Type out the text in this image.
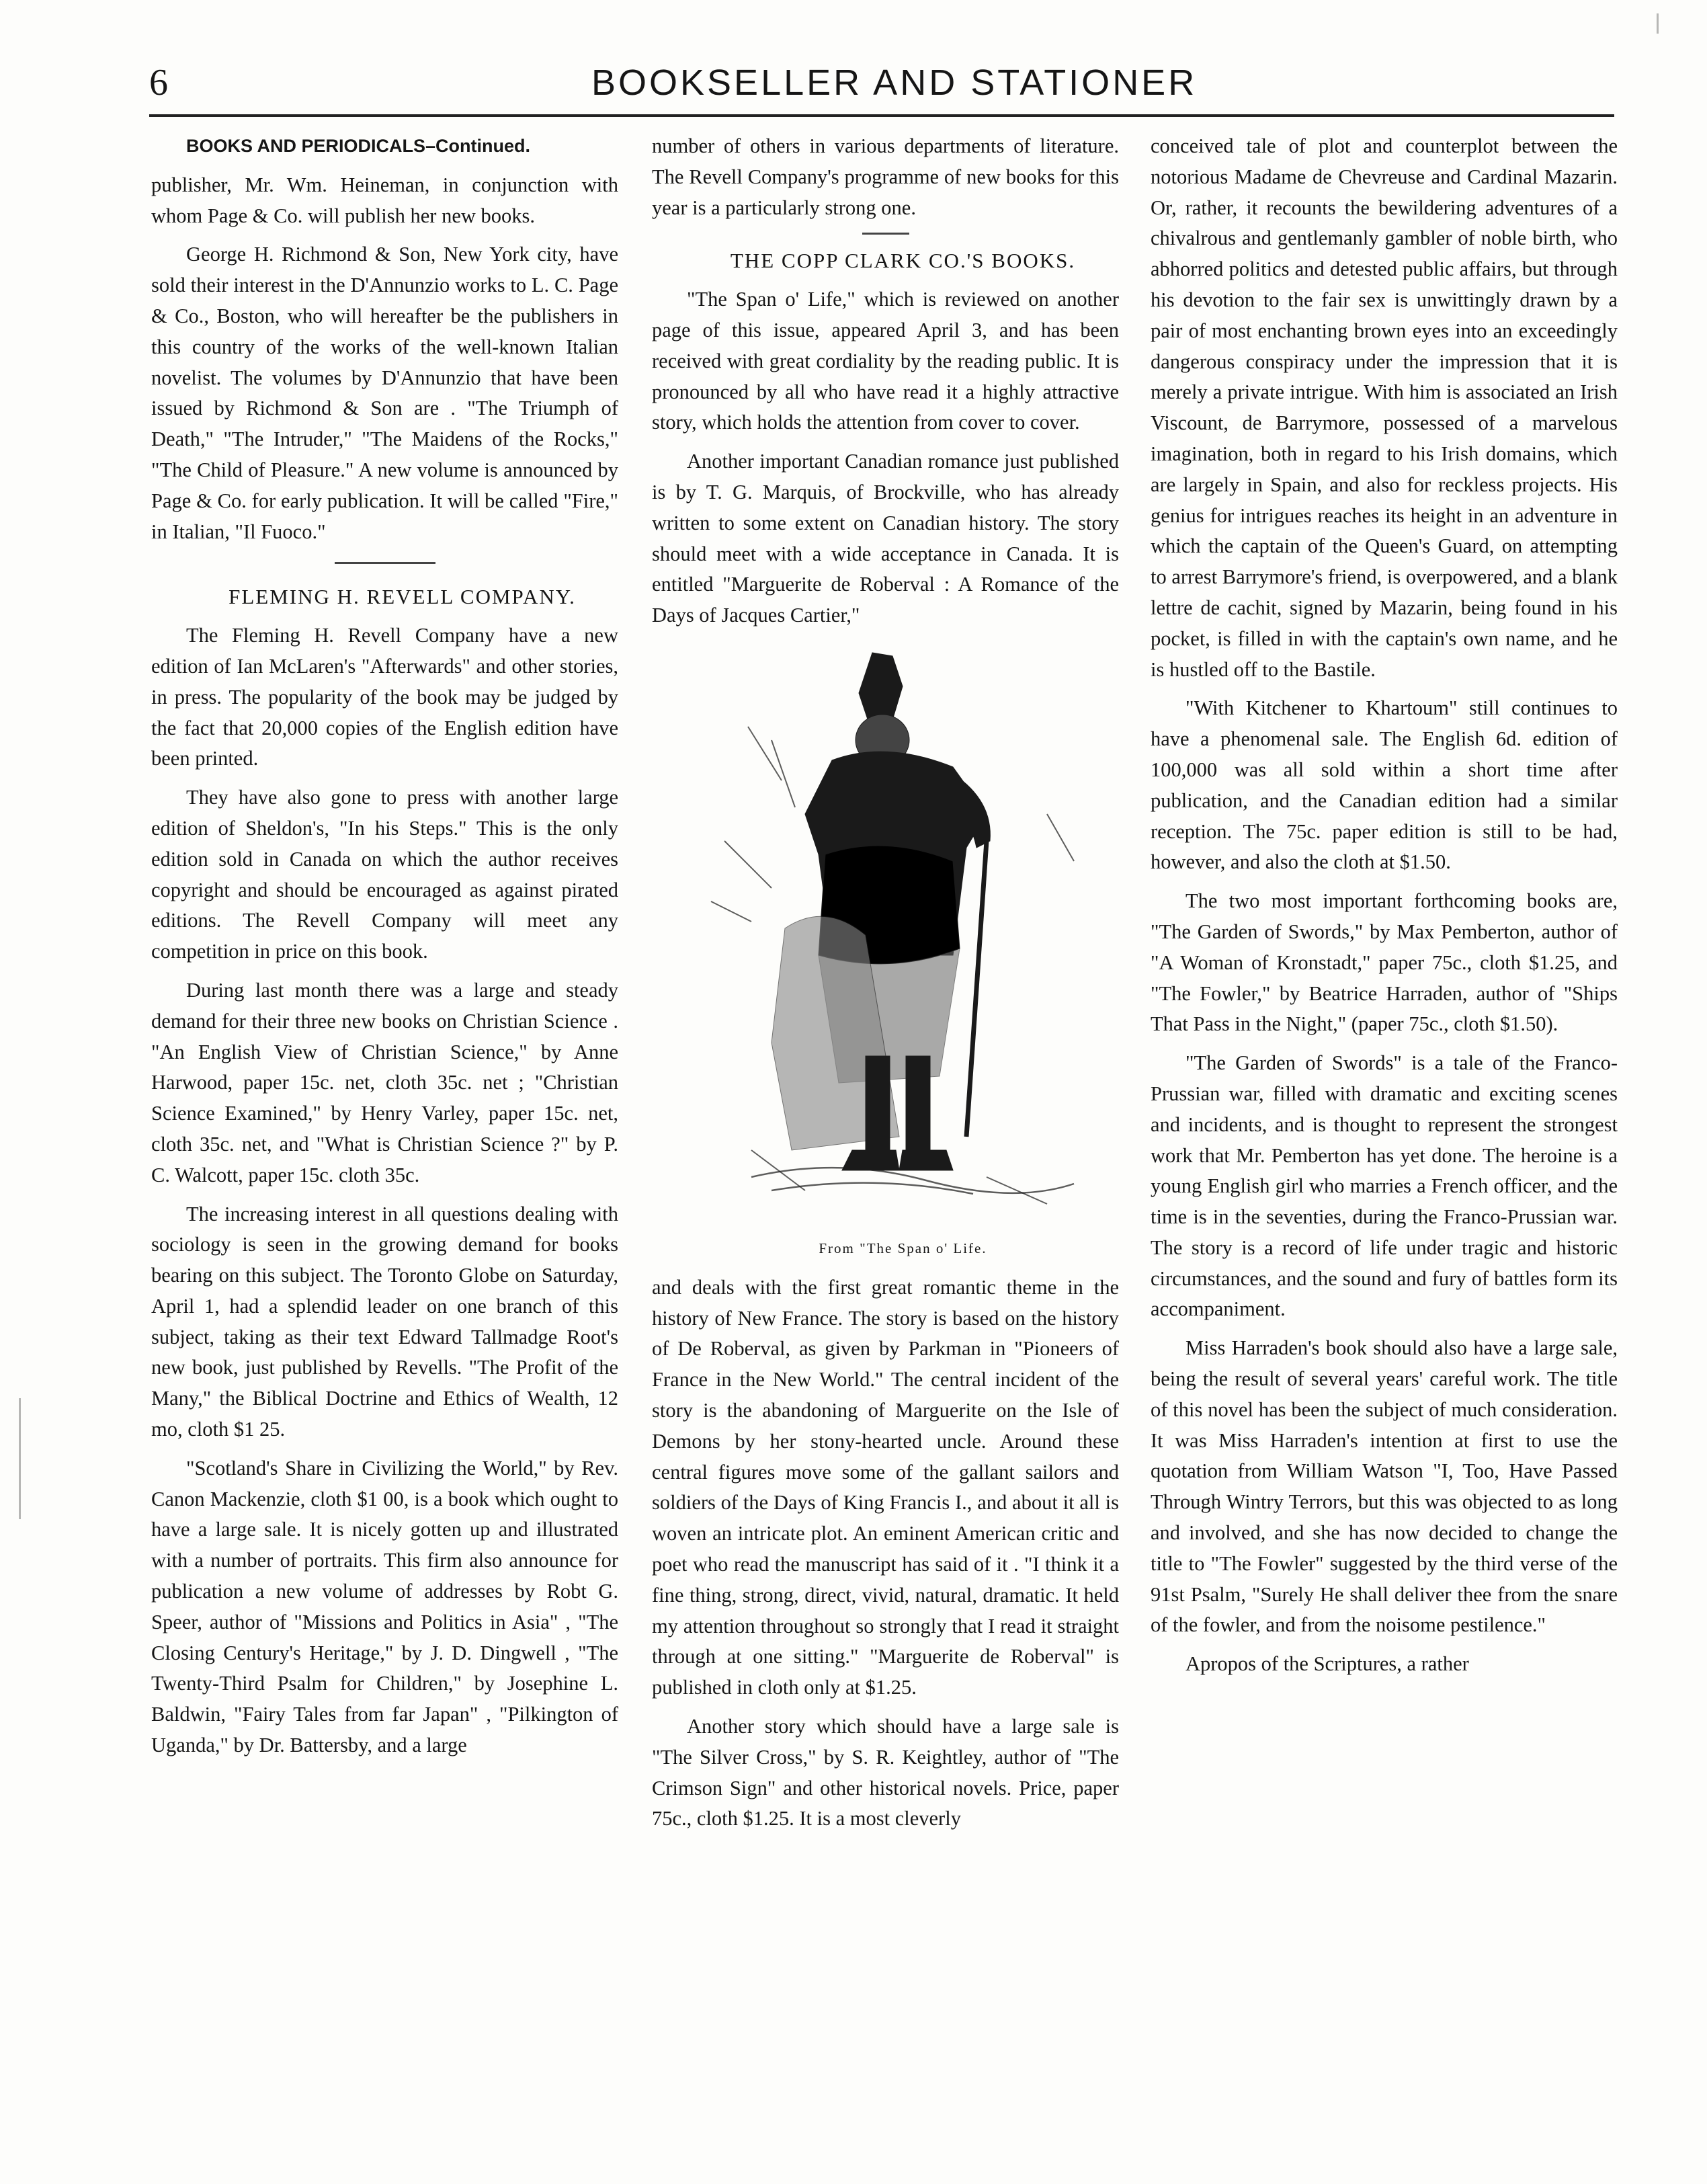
6	BOOKSELLER AND STATIONER

BOOKS AND PERIODICALS–Continued.

publisher, Mr. Wm. Heineman, in conjunction with whom Page & Co. will publish her new books.

George H. Richmond & Son, New York city, have sold their interest in the D'Annunzio works to L. C. Page & Co., Boston, who will hereafter be the publishers in this country of the works of the well-known Italian novelist. The volumes by D'Annunzio that have been issued by Richmond & Son are . "The Triumph of Death," "The Intruder," "The Maidens of the Rocks," "The Child of Pleasure." A new volume is announced by Page & Co. for early publication. It will be called "Fire," in Italian, "Il Fuoco."

FLEMING H. REVELL COMPANY.

The Fleming H. Revell Company have a new edition of Ian McLaren's "Afterwards" and other stories, in press. The popularity of the book may be judged by the fact that 20,000 copies of the English edition have been printed.

They have also gone to press with another large edition of Sheldon's, "In his Steps." This is the only edition sold in Canada on which the author receives copyright and should be encouraged as against pirated editions. The Revell Company will meet any competition in price on this book.

During last month there was a large and steady demand for their three new books on Christian Science . "An English View of Christian Science," by Anne Harwood, paper 15c. net, cloth 35c. net ; "Christian Science Examined," by Henry Varley, paper 15c. net, cloth 35c. net, and "What is Christian Science ?" by P. C. Walcott, paper 15c. cloth 35c.

The increasing interest in all questions dealing with sociology is seen in the growing demand for books bearing on this subject. The Toronto Globe on Saturday, April 1, had a splendid leader on one branch of this subject, taking as their text Edward Tallmadge Root's new book, just published by Revells. "The Profit of the Many," the Biblical Doctrine and Ethics of Wealth, 12 mo, cloth $1 25.

"Scotland's Share in Civilizing the World," by Rev. Canon Mackenzie, cloth $1 00, is a book which ought to have a large sale. It is nicely gotten up and illustrated with a number of portraits. This firm also announce for publication a new volume of addresses by Robt G. Speer, author of "Missions and Politics in Asia" , "The Closing Century's Heritage," by J. D. Dingwell , "The Twenty-Third Psalm for Children," by Josephine L. Baldwin, "Fairy Tales from far Japan" , "Pilkington of Uganda," by Dr. Battersby, and a large

number of others in various departments of literature. The Revell Company's programme of new books for this year is a particularly strong one.

THE COPP CLARK CO.'S BOOKS.

"The Span o' Life," which is reviewed on another page of this issue, appeared April 3, and has been received with great cordiality by the reading public. It is pronounced by all who have read it a highly attractive story, which holds the attention from cover to cover.

Another important Canadian romance just published is by T. G. Marquis, of Brockville, who has already written to some extent on Canadian history. The story should meet with a wide acceptance in Canada. It is entitled "Marguerite de Roberval : A Romance of the Days of Jacques Cartier,"

From "The Span o' Life.

and deals with the first great romantic theme in the history of New France. The story is based on the history of De Roberval, as given by Parkman in "Pioneers of France in the New World." The central incident of the story is the abandoning of Marguerite on the Isle of Demons by her stony-hearted uncle. Around these central figures move some of the gallant sailors and soldiers of the Days of King Francis I., and about it all is woven an intricate plot. An eminent American critic and poet who read the manuscript has said of it . "I think it a fine thing, strong, direct, vivid, natural, dramatic. It held my attention throughout so strongly that I read it straight through at one sitting." "Marguerite de Roberval" is published in cloth only at $1.25.

Another story which should have a large sale is "The Silver Cross," by S. R. Keightley, author of "The Crimson Sign" and other historical novels. Price, paper 75c., cloth $1.25. It is a most cleverly

conceived tale of plot and counterplot between the notorious Madame de Chevreuse and Cardinal Mazarin. Or, rather, it recounts the bewildering adventures of a chivalrous and gentlemanly gambler of noble birth, who abhorred politics and detested public affairs, but through his devotion to the fair sex is unwittingly drawn by a pair of most enchanting brown eyes into an exceedingly dangerous conspiracy under the impression that it is merely a private intrigue. With him is associated an Irish Viscount, de Barrymore, possessed of a marvelous imagination, both in regard to his Irish domains, which are largely in Spain, and also for reckless projects. His genius for intrigues reaches its height in an adventure in which the captain of the Queen's Guard, on attempting to arrest Barrymore's friend, is overpowered, and a blank lettre de cachit, signed by Mazarin, being found in his pocket, is filled in with the captain's own name, and he is hustled off to the Bastile.

"With Kitchener to Khartoum" still continues to have a phenomenal sale. The English 6d. edition of 100,000 was all sold within a short time after publication, and the Canadian edition had a similar reception. The 75c. paper edition is still to be had, however, and also the cloth at $1.50.

The two most important forthcoming books are, "The Garden of Swords," by Max Pemberton, author of "A Woman of Kronstadt," paper 75c., cloth $1.25, and "The Fowler," by Beatrice Harraden, author of "Ships That Pass in the Night," (paper 75c., cloth $1.50).

"The Garden of Swords" is a tale of the Franco-Prussian war, filled with dramatic and exciting scenes and incidents, and is thought to represent the strongest work that Mr. Pemberton has yet done. The heroine is a young English girl who marries a French officer, and the time is in the seventies, during the Franco-Prussian war. The story is a record of life under tragic and historic circumstances, and the sound and fury of battles form its accompaniment.

Miss Harraden's book should also have a large sale, being the result of several years' careful work. The title of this novel has been the subject of much consideration. It was Miss Harraden's intention at first to use the quotation from William Watson "I, Too, Have Passed Through Wintry Terrors, but this was objected to as long and involved, and she has now decided to change the title to "The Fowler" suggested by the third verse of the 91st Psalm, "Surely He shall deliver thee from the snare of the fowler, and from the noisome pestilence."

Apropos of the Scriptures, a rather
